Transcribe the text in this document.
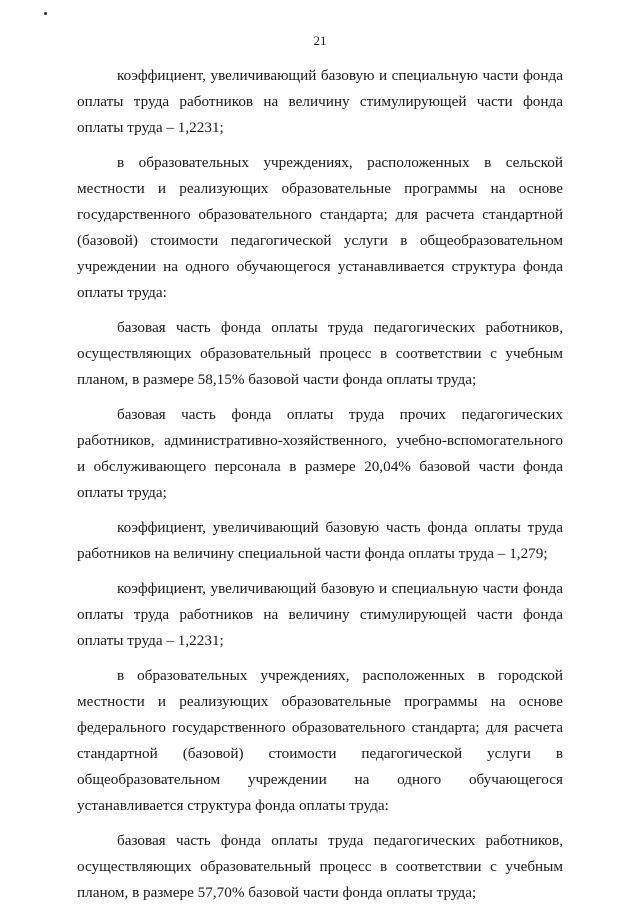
21

коэффициент, увеличивающий базовую и специальную части фонда оплаты труда работников на величину стимулирующей части фонда оплаты труда – 1,2231;

в образовательных учреждениях, расположенных в сельской местности и реализующих образовательные программы на основе государственного образовательного стандарта; для расчета стандартной (базовой) стоимости педагогической услуги в общеобразовательном учреждении на одного обучающегося устанавливается структура фонда оплаты труда:

базовая часть фонда оплаты труда педагогических работников, осуществляющих образовательный процесс в соответствии с учебным планом, в размере 58,15% базовой части фонда оплаты труда;

базовая часть фонда оплаты труда прочих педагогических работников, административно-хозяйственного, учебно-вспомогательного и обслуживающего персонала в размере 20,04% базовой части фонда оплаты труда;

коэффициент, увеличивающий базовую часть фонда оплаты труда работников на величину специальной части фонда оплаты труда – 1,279;

коэффициент, увеличивающий базовую и специальную части фонда оплаты труда работников на величину стимулирующей части фонда оплаты труда – 1,2231;

в образовательных учреждениях, расположенных в городской местности и реализующих образовательные программы на основе федерального государственного образовательного стандарта; для расчета стандартной (базовой) стоимости педагогической услуги в общеобразовательном учреждении на одного обучающегося устанавливается структура фонда оплаты труда:

базовая часть фонда оплаты труда педагогических работников, осуществляющих образовательный процесс в соответствии с учебным планом, в размере 57,70% базовой части фонда оплаты труда;
